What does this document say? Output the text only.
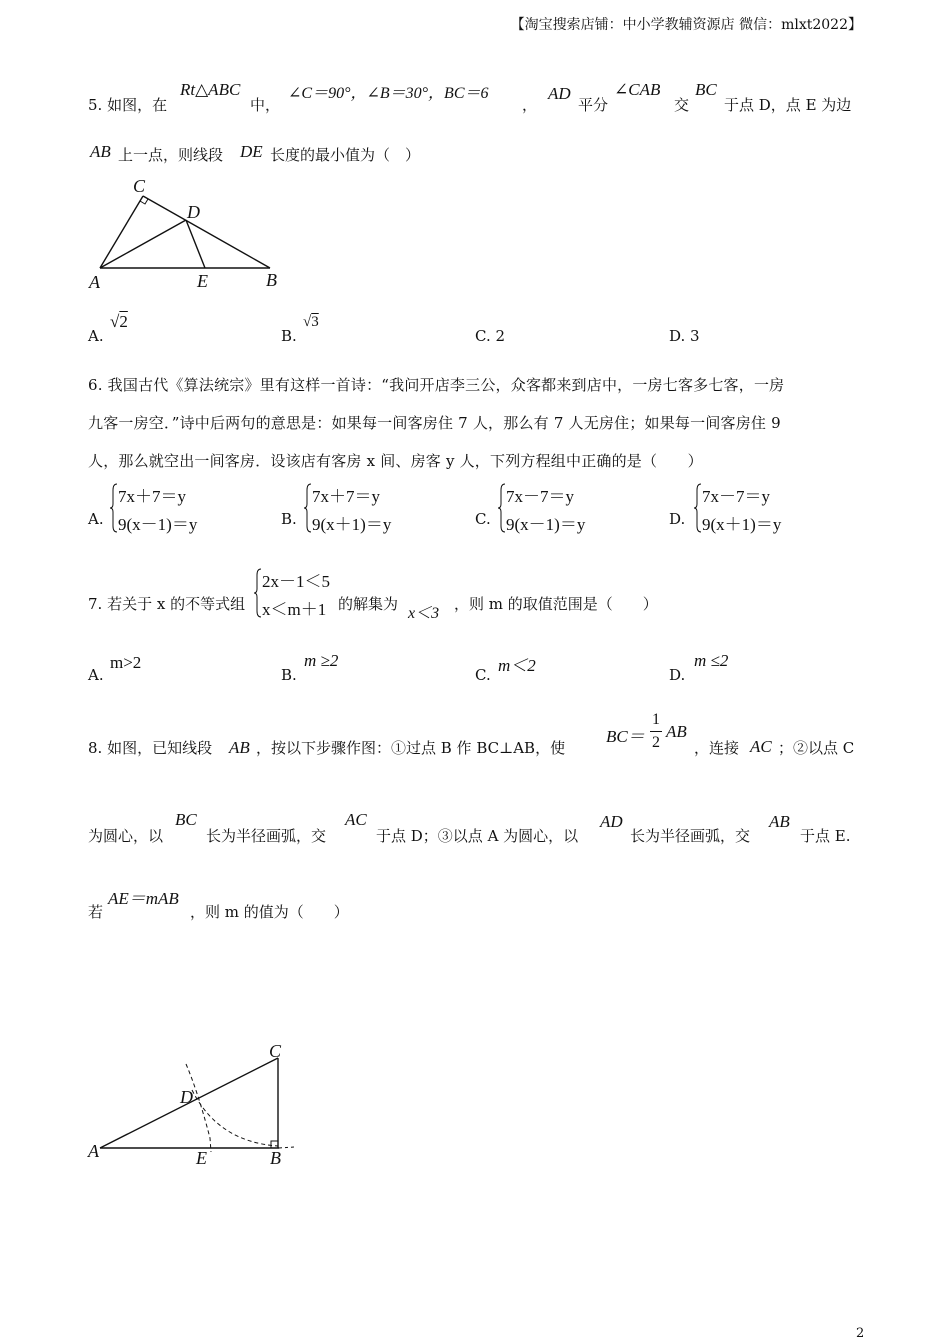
【淘宝搜索店铺：中小学教辅资源店 微信：mlxt2022】
5. 如图，在
Rt△ABC
中，
∠C＝90°，∠B＝30°，BC＝6
，
AD
平分
∠CAB
交
BC
于点 D，点 E 为边
AB 上一点，则线段 DE 长度的最小值为（　）
C
D
A	E	B
A.
√2
B.
√3
C. 2	D. 3
6. 我国古代《算法统宗》里有这样一首诗：“我问开店李三公，众客都来到店中，一房七客多七客，一房
九客一房空．”诗中后两句的意思是：如果每一间客房住 7 人，那么有 7 人无房住；如果每一间客房住 9
人，那么就空出一间客房．设该店有客房 x 间、房客 y 人，下列方程组中正确的是（　　）
A.
7x＋7＝y
9(x－1)＝y	B.
7x＋7＝y
9(x＋1)＝y	C.
7x－7＝y
9(x－1)＝y	D.
7x－7＝y
9(x＋1)＝y
7. 若关于 x 的不等式组
2x－1＜5
x＜m＋1 的解集为
x＜3
，则 m 的取值范围是（　　）
A.
m>2
B.
m ≥2
C. m＜2	D.
m ≤2
8. 如图，已知线段 AB ，按以下步骤作图：①过点 B 作 BC⊥AB，使
BC＝
1
2
AB
，连接 AC ；②以点 C
为圆心，以
BC
长为半径画弧，交
AC
于点 D；③以点 A 为圆心，以
AD
长为半径画弧，交
AB
于点 E.
若
AE＝mAB
，则 m 的值为（　　）
C
D
A	E	B
2
